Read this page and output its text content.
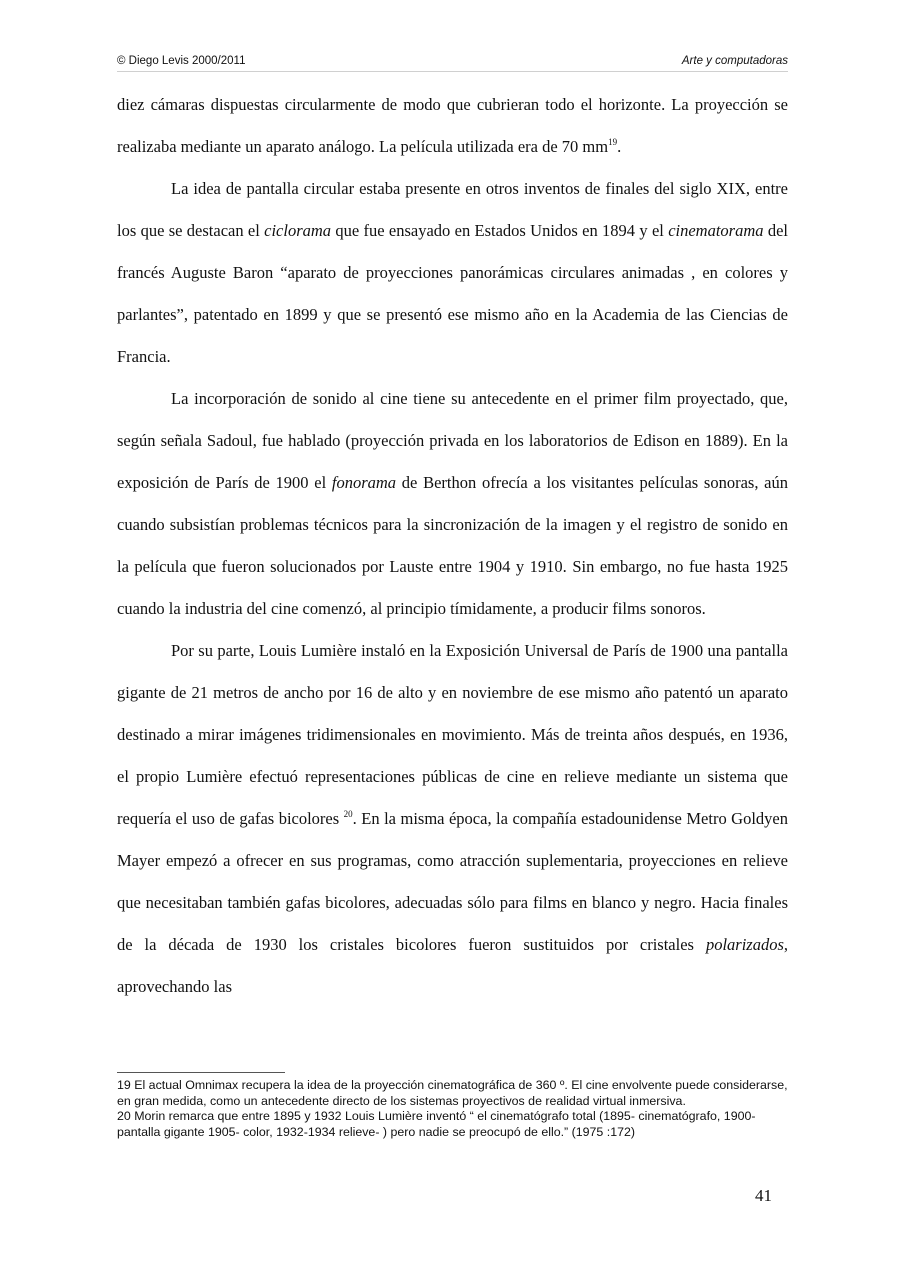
© Diego Levis 2000/2011	Arte y computadoras

diez cámaras dispuestas circularmente de modo que cubrieran todo el horizonte. La proyección se realizaba mediante un aparato análogo. La película utilizada era de 70 $mm^{19}$.

La idea de pantalla circular estaba presente en otros inventos de finales del siglo XIX, entre los que se destacan el ciclorama que fue ensayado en Estados Unidos en 1894 y el cinematorama del francés Auguste Baron “aparato de proyecciones panorámicas circulares animadas , en colores y parlantes”, patentado en 1899 y que se presentó ese mismo año en la Academia de las Ciencias de Francia.

La incorporación de sonido al cine tiene su antecedente en el primer film proyectado, que, según señala Sadoul, fue hablado (proyección privada en los laboratorios de Edison en 1889). En la exposición de París de 1900 el fonorama de Berthon ofrecía a los visitantes películas sonoras, aún cuando subsistían problemas técnicos para la sincronización de la imagen y el registro de sonido en la película que fueron solucionados por Lauste entre 1904 y 1910. Sin embargo, no fue hasta 1925 cuando la industria del cine comenzó, al principio tímidamente, a producir films sonoros.

Por su parte, Louis Lumière instaló en la Exposición Universal de París de 1900 una pantalla gigante de 21 metros de ancho por 16 de alto y en noviembre de ese mismo año patentó un aparato destinado a mirar imágenes tridimensionales en movimiento. Más de treinta años después, en 1936, el propio Lumière efectuó representaciones públicas de cine en relieve mediante un sistema que requería el uso de gafas bicolores $^{20}$. En la misma época, la compañía estadounidense Metro Goldyen Mayer empezó a ofrecer en sus programas, como atracción suplementaria, proyecciones en relieve que necesitaban también gafas bicolores, adecuadas sólo para films en blanco y negro. Hacia finales de la década de 1930 los cristales bicolores fueron sustituidos por cristales polarizados, aprovechando las

19 El actual Omnimax recupera la idea de la proyección cinematográfica de 360 º. El cine envolvente puede considerarse, en gran medida, como un antecedente directo de los sistemas proyectivos de realidad virtual inmersiva.

20 Morin remarca que entre 1895 y 1932 Louis Lumière inventó “ el cinematógrafo total (1895- cinematógrafo, 1900- pantalla gigante 1905- color, 1932-1934 relieve- ) pero nadie se preocupó de ello.” (1975 :172)

41
